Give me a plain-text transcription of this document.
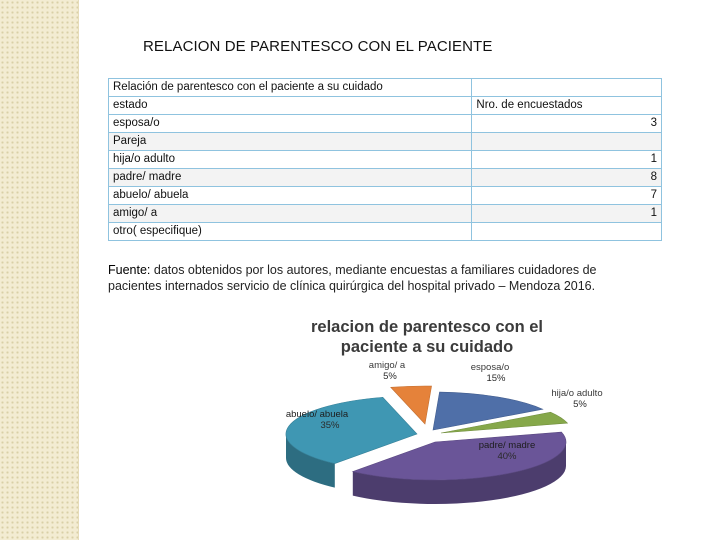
RELACION DE PARENTESCO CON EL PACIENTE
Relación de parentesco con el paciente a su cuidado	
estado	Nro. de encuestados
esposa/o	3
Pareja	
hija/o adulto	1
padre/ madre	8
abuelo/ abuela	7
amigo/ a	1
otro( especifique)	
Fuente: datos obtenidos por los autores, mediante encuestas a familiares cuidadores de pacientes internados servicio de clínica quirúrgica del hospital privado – Mendoza 2016.
esposa/o
15%
hija/o adulto
5%
padre/ madre
40%
abuelo/ abuela
35%
amigo/ a
5%
relacion de parentesco con el
paciente a su cuidado
